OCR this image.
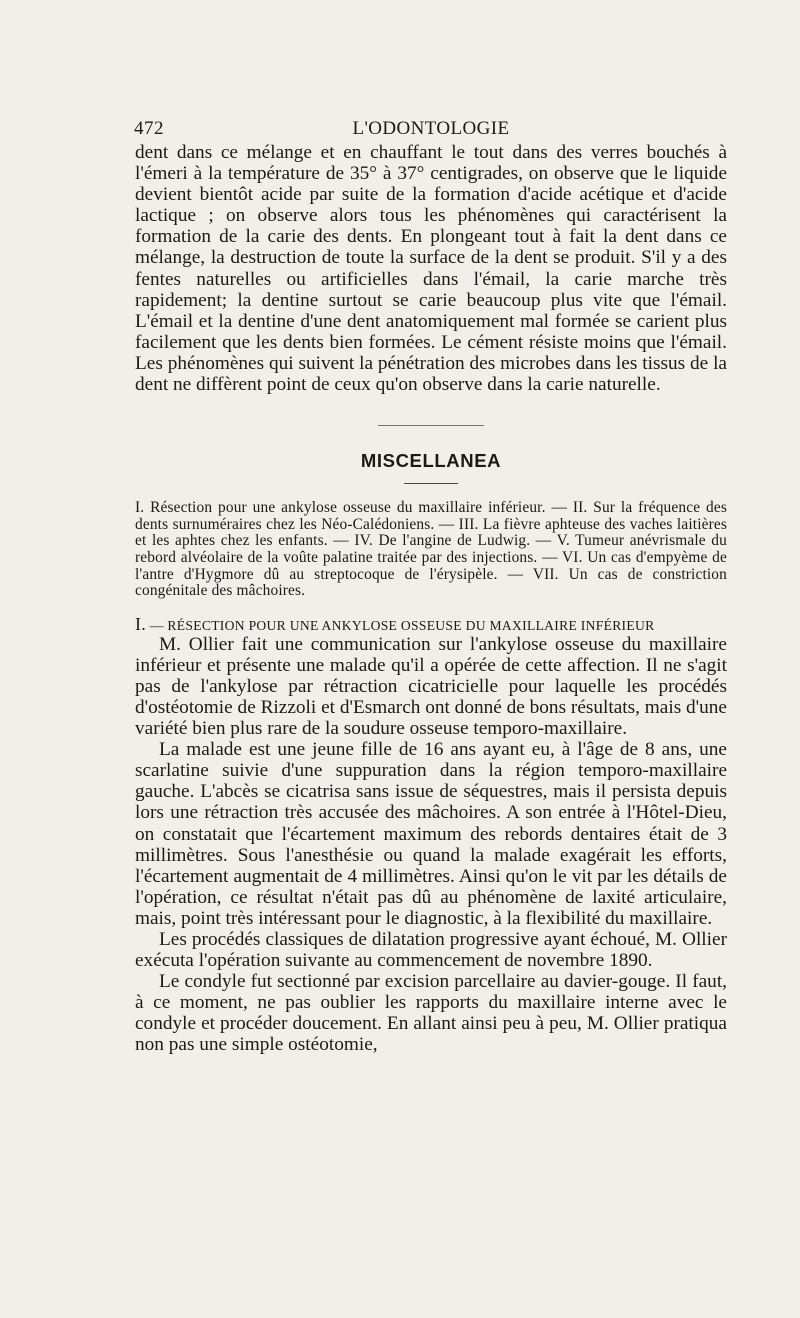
472	L'ODONTOLOGIE

dent dans ce mélange et en chauffant le tout dans des verres bouchés à l'émeri à la température de 35° à 37° centigrades, on observe que le liquide devient bientôt acide par suite de la formation d'acide acétique et d'acide lactique ; on observe alors tous les phénomènes qui caractérisent la formation de la carie des dents. En plongeant tout à fait la dent dans ce mélange, la destruction de toute la surface de la dent se produit. S'il y a des fentes naturelles ou artificielles dans l'émail, la carie marche très rapidement; la dentine surtout se carie beaucoup plus vite que l'émail. L'émail et la dentine d'une dent anatomiquement mal formée se carient plus facilement que les dents bien formées. Le cément résiste moins que l'émail. Les phénomènes qui suivent la pénétration des microbes dans les tissus de la dent ne diffèrent point de ceux qu'on observe dans la carie naturelle.

MISCELLANEA
I. Résection pour une ankylose osseuse du maxillaire inférieur. — II. Sur la fréquence des dents surnuméraires chez les Néo-Calédoniens. — III. La fièvre aphteuse des vaches laitières et les aphtes chez les enfants. — IV. De l'angine de Ludwig. — V. Tumeur anévrismale du rebord alvéolaire de la voûte palatine traitée par des injections. — VI. Un cas d'empyème de l'antre d'Hygmore dû au streptocoque de l'érysipèle. — VII. Un cas de constriction congénitale des mâchoires.
I. — RÉSECTION POUR UNE ANKYLOSE OSSEUSE DU MAXILLAIRE INFÉRIEUR

M. Ollier fait une communication sur l'ankylose osseuse du maxillaire inférieur et présente une malade qu'il a opérée de cette affection. Il ne s'agit pas de l'ankylose par rétraction cicatricielle pour laquelle les procédés d'ostéotomie de Rizzoli et d'Esmarch ont donné de bons résultats, mais d'une variété bien plus rare de la soudure osseuse temporo-maxillaire.

La malade est une jeune fille de 16 ans ayant eu, à l'âge de 8 ans, une scarlatine suivie d'une suppuration dans la région temporo-maxillaire gauche. L'abcès se cicatrisa sans issue de séquestres, mais il persista depuis lors une rétraction très accusée des mâchoires. A son entrée à l'Hôtel-Dieu, on constatait que l'écartement maximum des rebords dentaires était de 3 millimètres. Sous l'anesthésie ou quand la malade exagérait les efforts, l'écartement augmentait de 4 millimètres. Ainsi qu'on le vit par les détails de l'opération, ce résultat n'était pas dû au phénomène de laxité articulaire, mais, point très intéressant pour le diagnostic, à la flexibilité du maxillaire.

Les procédés classiques de dilatation progressive ayant échoué, M. Ollier exécuta l'opération suivante au commencement de novembre 1890.

Le condyle fut sectionné par excision parcellaire au davier-gouge. Il faut, à ce moment, ne pas oublier les rapports du maxillaire interne avec le condyle et procéder doucement. En allant ainsi peu à peu, M. Ollier pratiqua non pas une simple ostéotomie,
